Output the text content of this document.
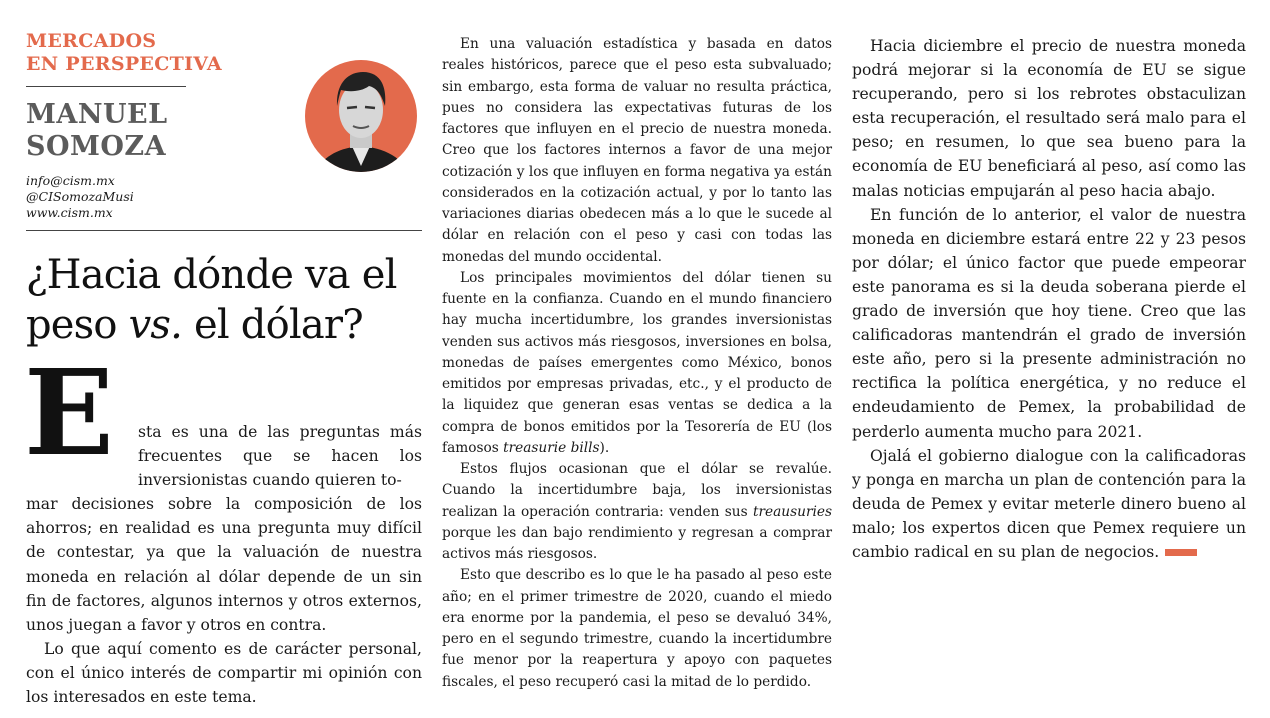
MERCADOS
EN PERSPECTIVA
MANUEL
SOMOZA
info@cism.mx
@CISomozaMusi
www.cism.mx
¿Hacia dónde va el peso vs. el dólar?
E	sta es una de las preguntas más frecuentes que se hacen los inversionistas cuando quieren to-
mar decisiones sobre la composición de los ahorros; en realidad es una pregunta muy difícil de contestar, ya que la valuación de nuestra moneda en relación al dólar depende de un sin fin de factores, algunos internos y otros externos, unos juegan a favor y otros en contra.

Lo que aquí comento es de carácter personal, con el único interés de compartir mi opinión con los interesados en este tema.

En una valuación estadística y basada en datos reales históricos, parece que el peso esta subvaluado; sin embargo, esta forma de valuar no resulta práctica, pues no considera las expectativas futuras de los factores que influyen en el precio de nuestra moneda. Creo que los factores internos a favor de una mejor cotización y los que influyen en forma negativa ya están considerados en la cotización actual, y por lo tanto las variaciones diarias obedecen más a lo que le sucede al dólar en relación con el peso y casi con todas las monedas del mundo occidental.

Los principales movimientos del dólar tienen su fuente en la confianza. Cuando en el mundo financiero hay mucha incertidumbre, los grandes inversionistas venden sus activos más riesgosos, inversiones en bolsa, monedas de países emergentes como México, bonos emitidos por empresas privadas, etc., y el producto de la liquidez que generan esas ventas se dedica a la compra de bonos emitidos por la Tesorería de EU (los famosos treasurie bills).

Estos flujos ocasionan que el dólar se revalúe. Cuando la incertidumbre baja, los inversionistas realizan la operación contraria: venden sus treausuries porque les dan bajo rendimiento y regresan a comprar activos más riesgosos.

Esto que describo es lo que le ha pasado al peso este año; en el primer trimestre de 2020, cuando el miedo era enorme por la pandemia, el peso se devaluó 34%, pero en el segundo trimestre, cuando la incertidumbre fue menor por la reapertura y apoyo con paquetes fiscales, el peso recuperó casi la mitad de lo perdido.

Hacia diciembre el precio de nuestra moneda podrá mejorar si la economía de EU se sigue recuperando, pero si los rebrotes obstaculizan esta recuperación, el resultado será malo para el peso; en resumen, lo que sea bueno para la economía de EU beneficiará al peso, así como las malas noticias empujarán al peso hacia abajo.

En función de lo anterior, el valor de nuestra moneda en diciembre estará entre 22 y 23 pesos por dólar; el único factor que puede empeorar este panorama es si la deuda soberana pierde el grado de inversión que hoy tiene. Creo que las calificadoras mantendrán el grado de inversión este año, pero si la presente administración no rectifica la política energética, y no reduce el endeudamiento de Pemex, la probabilidad de perderlo aumenta mucho para 2021.

Ojalá el gobierno dialogue con la calificadoras y ponga en marcha un plan de contención para la deuda de Pemex y evitar meterle dinero bueno al malo; los expertos dicen que Pemex requiere un cambio radical en su plan de negocios.
